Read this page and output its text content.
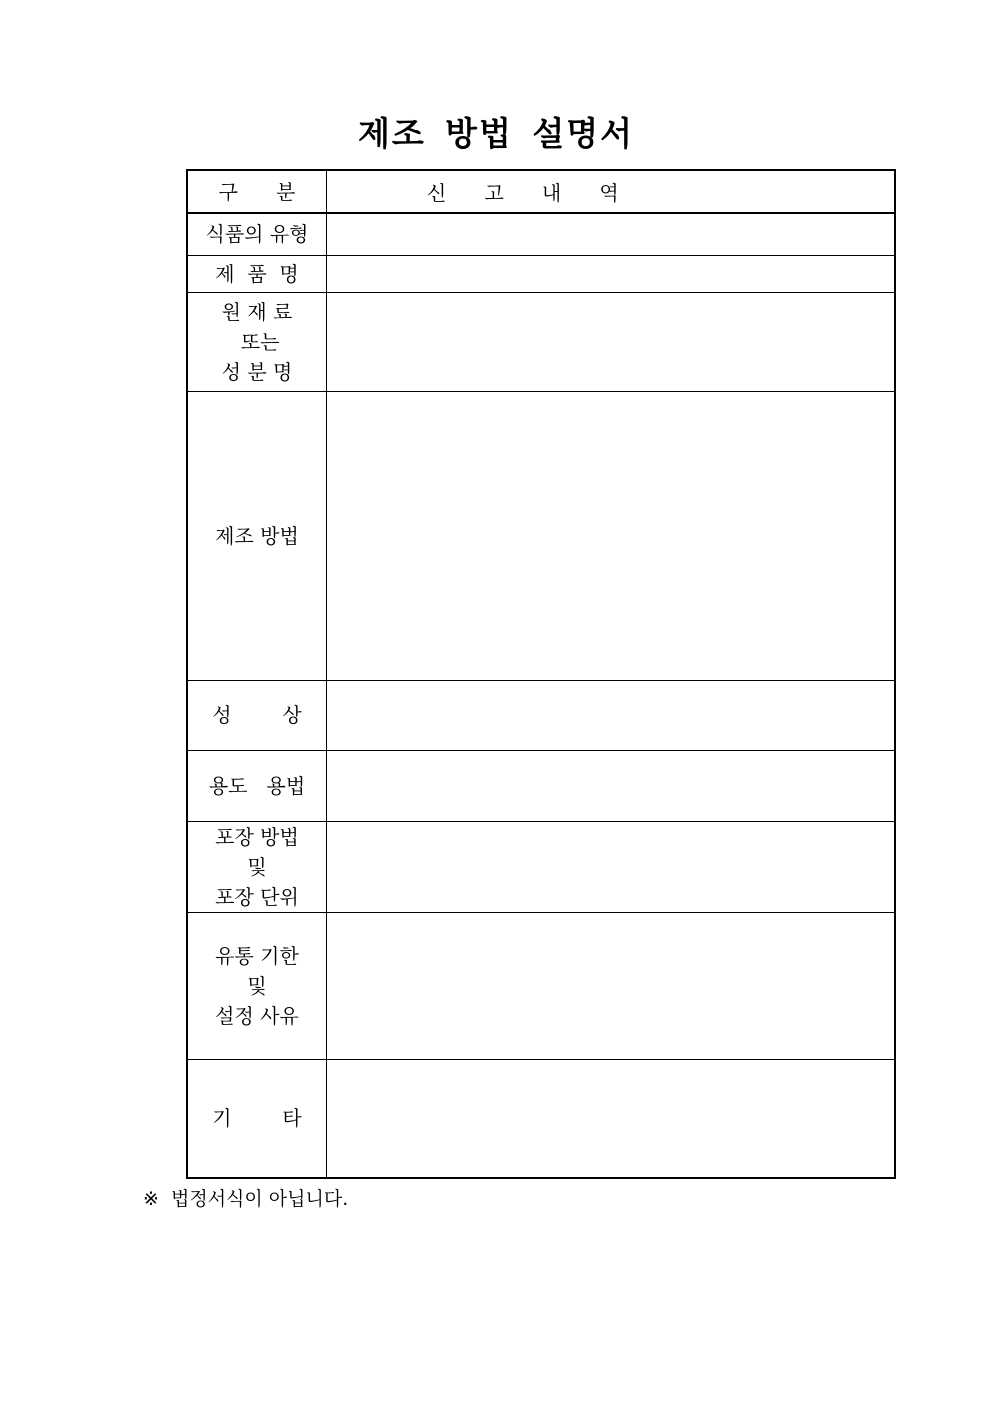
제조 방법 설명서
구      분	신      고      내      역

식품의 유형	

제  품  명	

원 재 료
또는
성 분 명	

제조 방법	

성        상	

용도   용법	

포장 방법
및
포장 단위	

유통 기한
및
설정 사유	

기        타	

※  법정서식이 아닙니다.
